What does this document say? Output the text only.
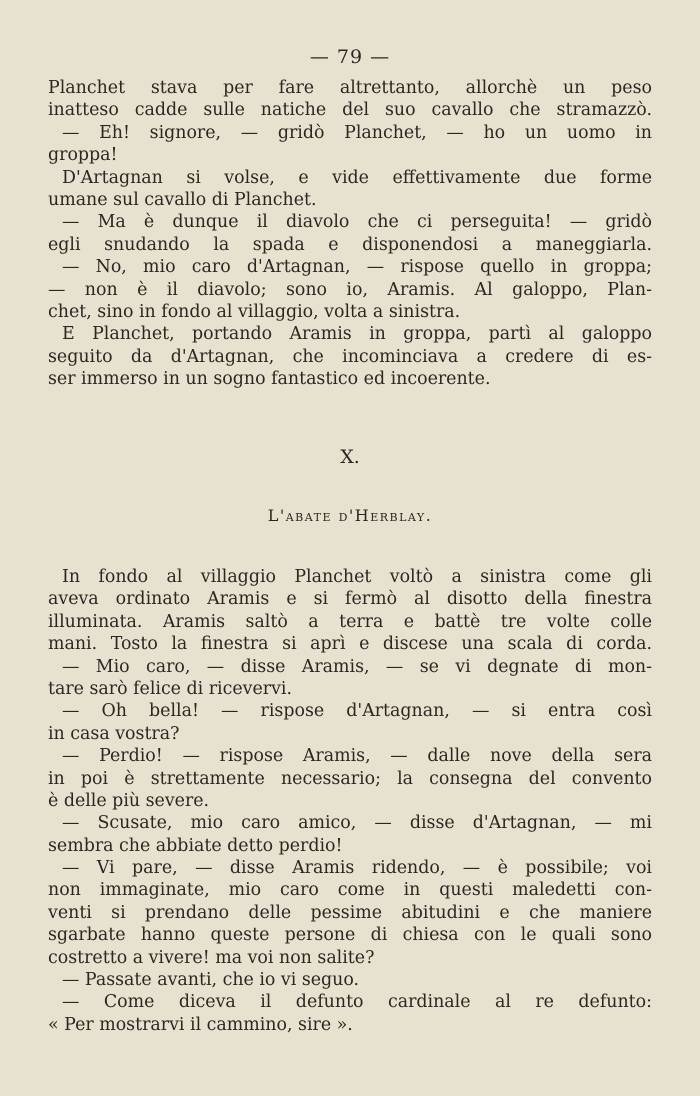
— 79 —
Planchet stava per fare altrettanto, allorchè un peso
inatteso cadde sulle natiche del suo cavallo che stramazzò.
— Eh! signore, — gridò Planchet, — ho un uomo in
groppa!
D'Artagnan si volse, e vide effettivamente due forme
umane sul cavallo di Planchet.
— Ma è dunque il diavolo che ci perseguita! — gridò
egli snudando la spada e disponendosi a maneggiarla.
— No, mio caro d'Artagnan, — rispose quello in groppa;
— non è il diavolo; sono io, Aramis. Al galoppo, Plan-
chet, sino in fondo al villaggio, volta a sinistra.
E Planchet, portando Aramis in groppa, partì al galoppo
seguito da d'Artagnan, che incominciava a credere di es-
ser immerso in un sogno fantastico ed incoerente.
X.
L'abate d'Herblay.
In fondo al villaggio Planchet voltò a sinistra come gli
aveva ordinato Aramis e si fermò al disotto della finestra
illuminata. Aramis saltò a terra e battè tre volte colle
mani. Tosto la finestra si aprì e discese una scala di corda.
— Mio caro, — disse Aramis, — se vi degnate di mon-
tare sarò felice di ricevervi.
— Oh bella! — rispose d'Artagnan, — si entra così
in casa vostra?
— Perdio! — rispose Aramis, — dalle nove della sera
in poi è strettamente necessario; la consegna del convento
è delle più severe.
— Scusate, mio caro amico, — disse d'Artagnan, — mi
sembra che abbiate detto perdio!
— Vi pare, — disse Aramis ridendo, — è possibile; voi
non immaginate, mio caro come in questi maledetti con-
venti si prendano delle pessime abitudini e che maniere
sgarbate hanno queste persone di chiesa con le quali sono
costretto a vivere! ma voi non salite?
— Passate avanti, che io vi seguo.
— Come diceva il defunto cardinale al re defunto:
« Per mostrarvi il cammino, sire ».
